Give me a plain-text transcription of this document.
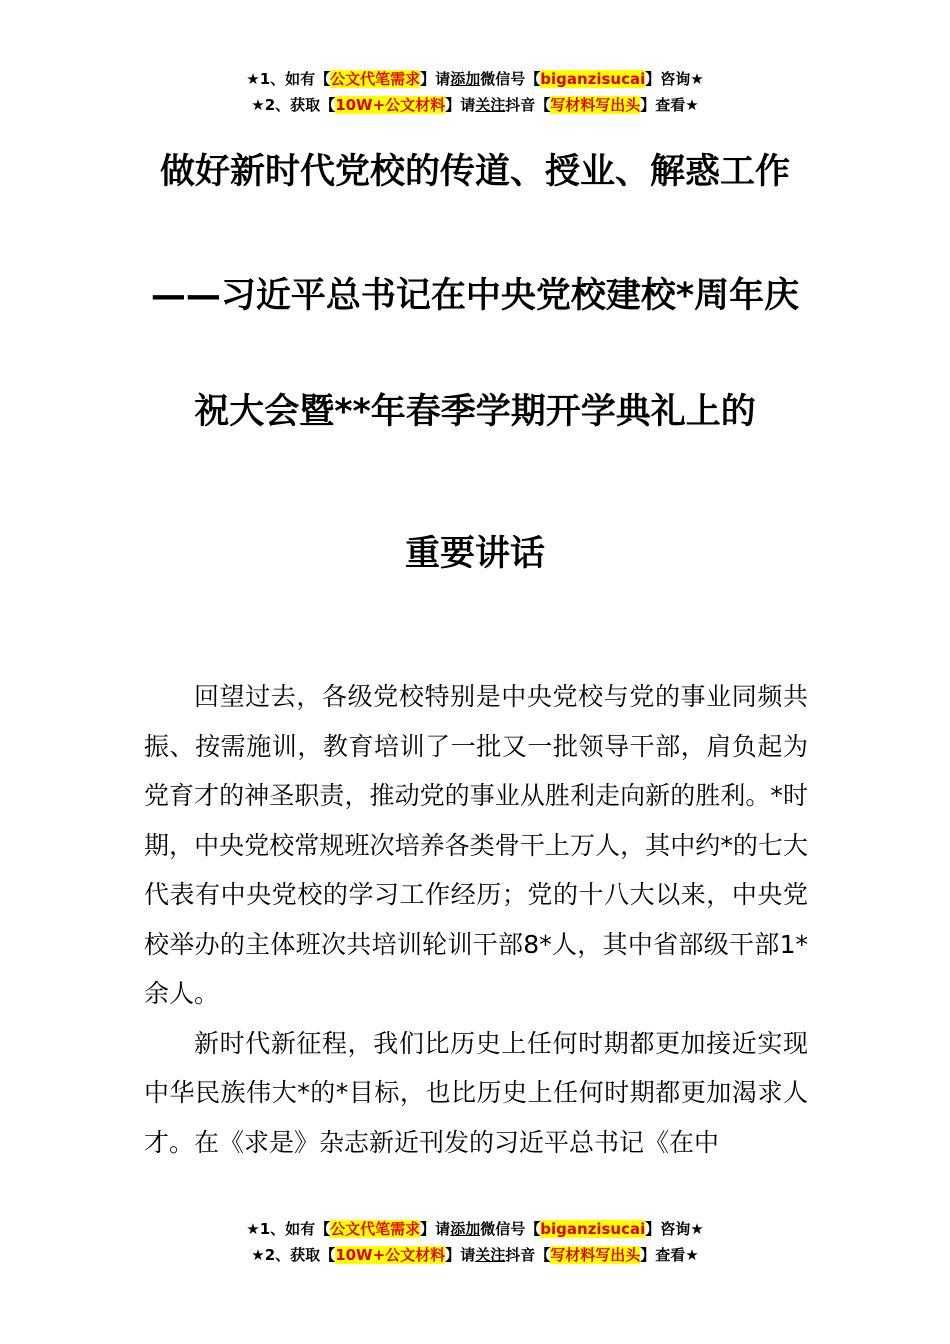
★1、如有【公文代笔需求】请添加微信号【biganzisucai】咨询★
★2、获取【10W+公文材料】请关注抖音【写材料写出头】查看★
做好新时代党校的传道、授业、解惑工作
——习近平总书记在中央党校建校*周年庆
祝大会暨**年春季学期开学典礼上的
重要讲话

回望过去，各级党校特别是中央党校与党的事业同频共振、按需施训，教育培训了一批又一批领导干部，肩负起为党育才的神圣职责，推动党的事业从胜利走向新的胜利。*时期，中央党校常规班次培养各类骨干上万人，其中约*的七大代表有中央党校的学习工作经历；党的十八大以来，中央党校举办的主体班次共培训轮训干部8*人，其中省部级干部1*余人。

新时代新征程，我们比历史上任何时期都更加接近实现中华民族伟大*的*目标，也比历史上任何时期都更加渴求人才。在《求是》杂志新近刊发的习近平总书记《在中

★1、如有【公文代笔需求】请添加微信号【biganzisucai】咨询★
★2、获取【10W+公文材料】请关注抖音【写材料写出头】查看★
